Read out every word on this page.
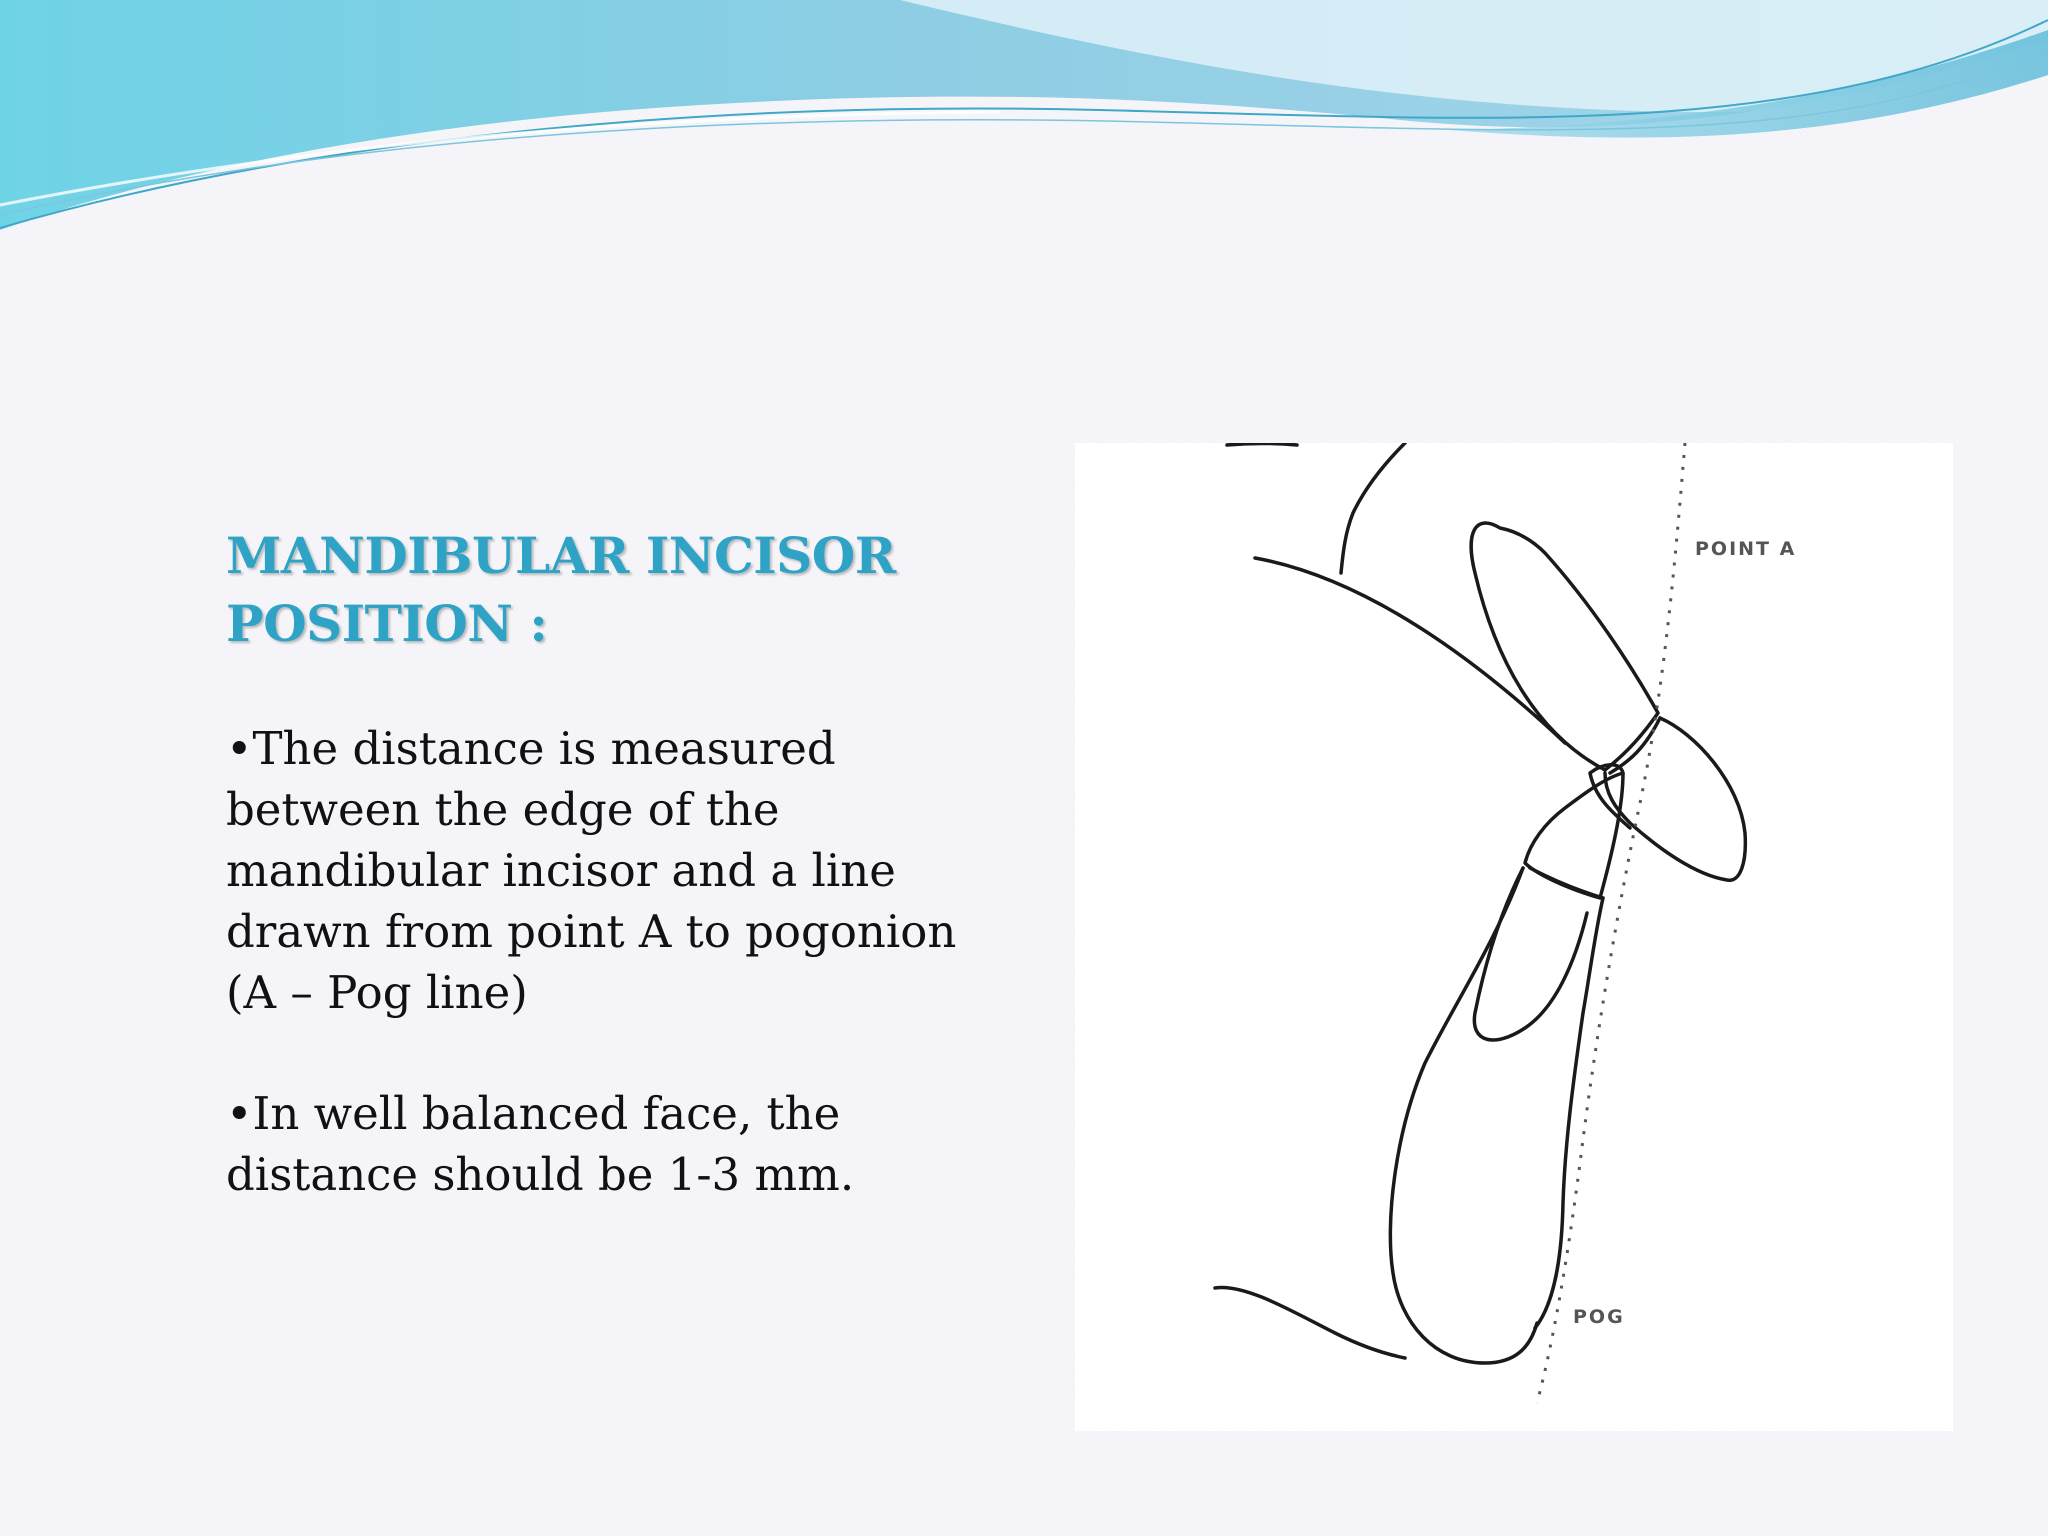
MANDIBULAR INCISOR
POSITION :
•The distance is measured between the edge of the mandibular incisor and a line drawn from point A to pogonion (A – Pog line)
•In well balanced face, the distance should be 1-3 mm.
POINT A
POG
